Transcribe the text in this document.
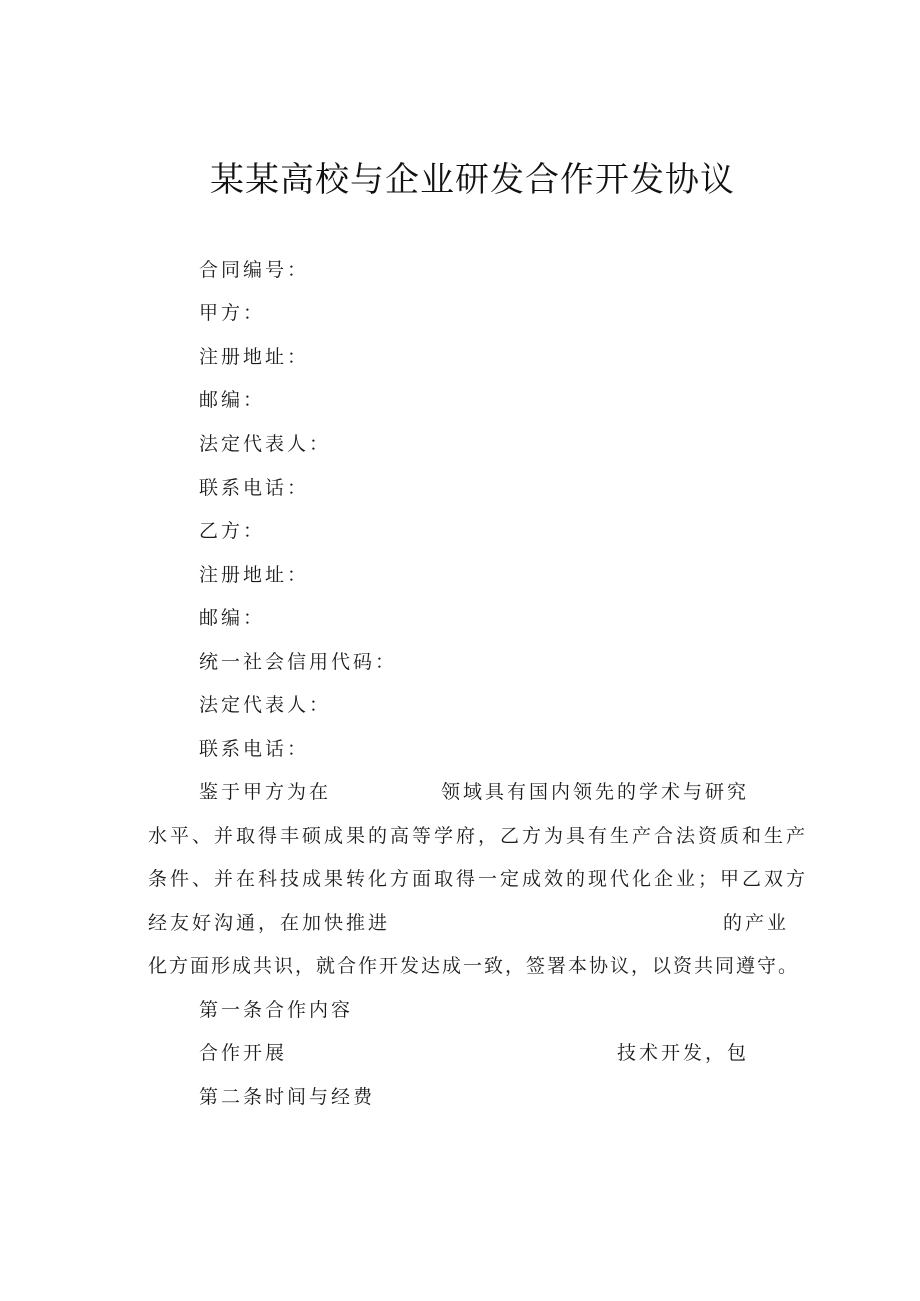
某某高校与企业研发合作开发协议
合同编号：
甲方：
注册地址：
邮编：
法定代表人：
联系电话：
乙方：
注册地址：
邮编：
统一社会信用代码：
法定代表人：
联系电话：
鉴于甲方为在	领域具有国内领先的学术与研究
水平、并取得丰硕成果的高等学府，乙方为具有生产合法资质和生产
条件、并在科技成果转化方面取得一定成效的现代化企业；甲乙双方
经友好沟通，在加快推进	的产业
化方面形成共识，就合作开发达成一致，签署本协议，以资共同遵守。
第一条合作内容
合作开展	技术开发，包
第二条时间与经费
